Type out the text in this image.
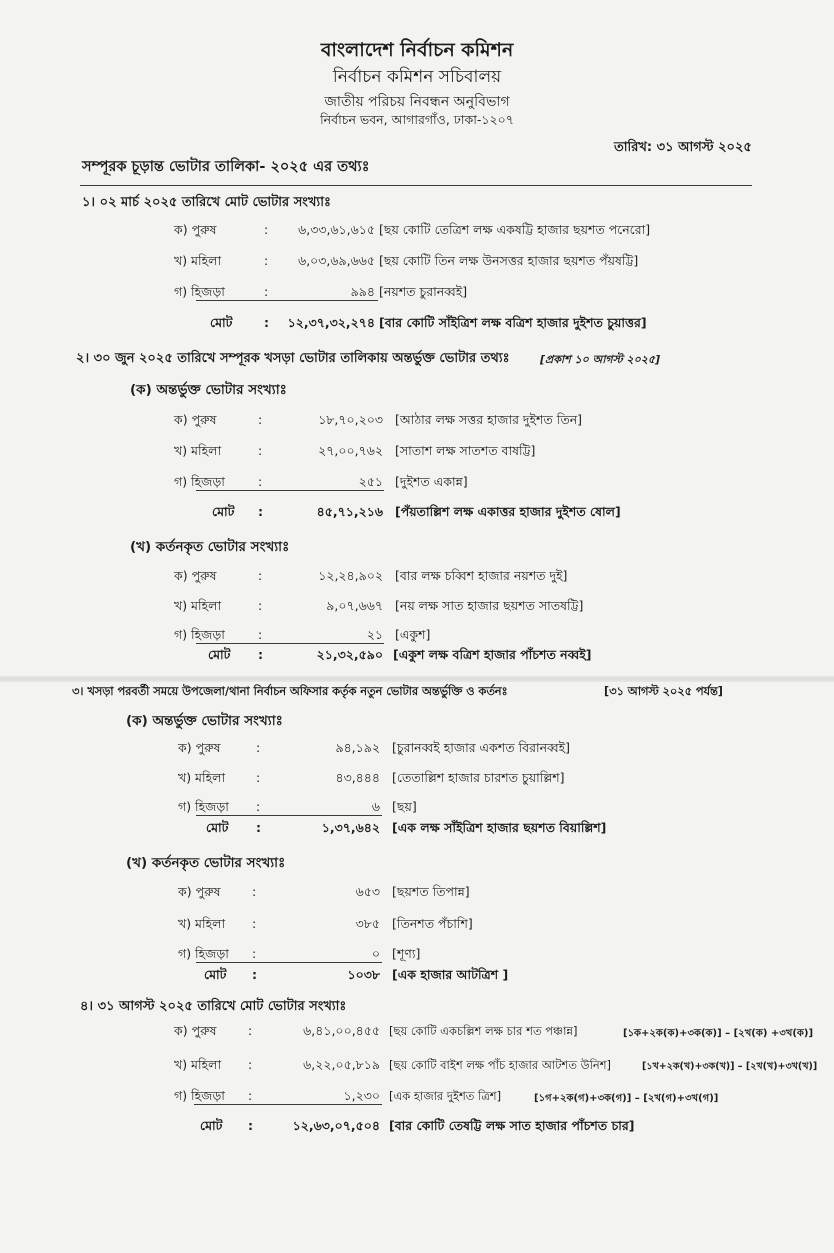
বাংলাদেশ নির্বাচন কমিশন
নির্বাচন কমিশন সচিবালয়
জাতীয় পরিচয় নিবন্ধন অনুবিভাগ
নির্বাচন ভবন, আগারগাঁও, ঢাকা-১২০৭
তারিখ: ৩১ আগস্ট ২০২৫
সম্পূরক চূড়ান্ত ভোটার তালিকা- ২০২৫ এর তথ্যঃ
১। ০২ মার্চ ২০২৫ তারিখে মোট ভোটার সংখ্যাঃ
ক) পুরুষ	:	৬,৩৩,৬১,৬১৫ [ছয় কোটি তেত্রিশ লক্ষ একষট্টি হাজার ছয়শত পনেরো]
খ) মহিলা	:	৬,০৩,৬৯,৬৬৫ [ছয় কোটি তিন লক্ষ উনসত্তর হাজার ছয়শত পঁয়ষট্টি]
গ) হিজড়া	:	৯৯৪ [নয়শত চুরানব্বই]
মোট	:	১২,৩৭,৩২,২৭৪ [বার কোটি সাঁইত্রিশ লক্ষ বত্রিশ হাজার দুইশত চুয়াত্তর]
২। ৩০ জুন ২০২৫ তারিখে সম্পূরক খসড়া ভোটার তালিকায় অন্তর্ভুক্ত ভোটার তথ্যঃ	[প্রকাশ ১০ আগস্ট ২০২৫]
(ক) অন্তর্ভুক্ত ভোটার সংখ্যাঃ
ক) পুরুষ	:	১৮,৭০,২০৩ [আঠার লক্ষ সত্তর হাজার দুইশত তিন]
খ) মহিলা	:	২৭,০০,৭৬২ [সাতাশ লক্ষ সাতশত বাষট্টি]
গ) হিজড়া	:	২৫১ [দুইশত একান্ন]
মোট :	৪৫,৭১,২১৬ [পঁয়তাল্লিশ লক্ষ একাত্তর হাজার দুইশত ষোল]
(খ) কর্তনকৃত ভোটার সংখ্যাঃ
ক) পুরুষ	:	১২,২৪,৯০২ [বার লক্ষ চব্বিশ হাজার নয়শত দুই]
খ) মহিলা	:	৯,০৭,৬৬৭ [নয় লক্ষ সাত হাজার ছয়শত সাতষট্টি]
গ) হিজড়া	:	২১ [একুশ]
মোট :	২১,৩২,৫৯০ [একুশ লক্ষ বত্রিশ হাজার পাঁচশত নব্বই]
৩। খসড়া পরবর্তী সময়ে উপজেলা/থানা নির্বাচন অফিসার কর্তৃক নতুন ভোটার অন্তর্ভুক্তি ও কর্তনঃ	[৩১ আগস্ট ২০২৫ পর্যন্ত]
(ক) অন্তর্ভুক্ত ভোটার সংখ্যাঃ
ক) পুরুষ	:	৯৪,১৯২ [চুরানব্বই হাজার একশত বিরানব্বই]
খ) মহিলা :	৪৩,৪৪৪ [তেতাল্লিশ হাজার চারশত চুয়াল্লিশ]
গ) হিজড়া :	৬ [ছয়]
মোট :	১,৩৭,৬৪২ [এক লক্ষ সাঁইত্রিশ হাজার ছয়শত বিয়াল্লিশ]
(খ) কর্তনকৃত ভোটার সংখ্যাঃ
ক) পুরুষ	:	৬৫৩ [ছয়শত তিপান্ন]
খ) মহিলা :	৩৮৫ [তিনশত পঁচাশি]
গ) হিজড়া :	০ [শূণ্য]
মোট :	১০৩৮ [এক হাজার আটত্রিশ ]
৪। ৩১ আগস্ট ২০২৫ তারিখে মোট ভোটার সংখ্যাঃ
ক) পুরুষ	:	৬,৪১,০০,৪৫৫ [ছয় কোটি একচল্লিশ লক্ষ চার শত পঞ্চান্ন]	[১ক+২ক(ক)+৩ক(ক)] – [২খ(ক) +৩খ(ক)]
খ) মহিলা :	৬,২২,০৫,৮১৯ [ছয় কোটি বাইশ লক্ষ পাঁচ হাজার আটশত উনিশ]	[১খ+২ক(খ)+৩ক(খ)] – [২খ(খ)+৩খ(খ)]
গ) হিজড়া :	১,২৩০ [এক হাজার দুইশত ত্রিশ]	[১গ+২ক(গ)+৩ক(গ)] – [২খ(গ)+৩খ(গ)]
মোট :	১২,৬৩,০৭,৫০৪ [বার কোটি তেষট্টি লক্ষ সাত হাজার পাঁচশত চার]
